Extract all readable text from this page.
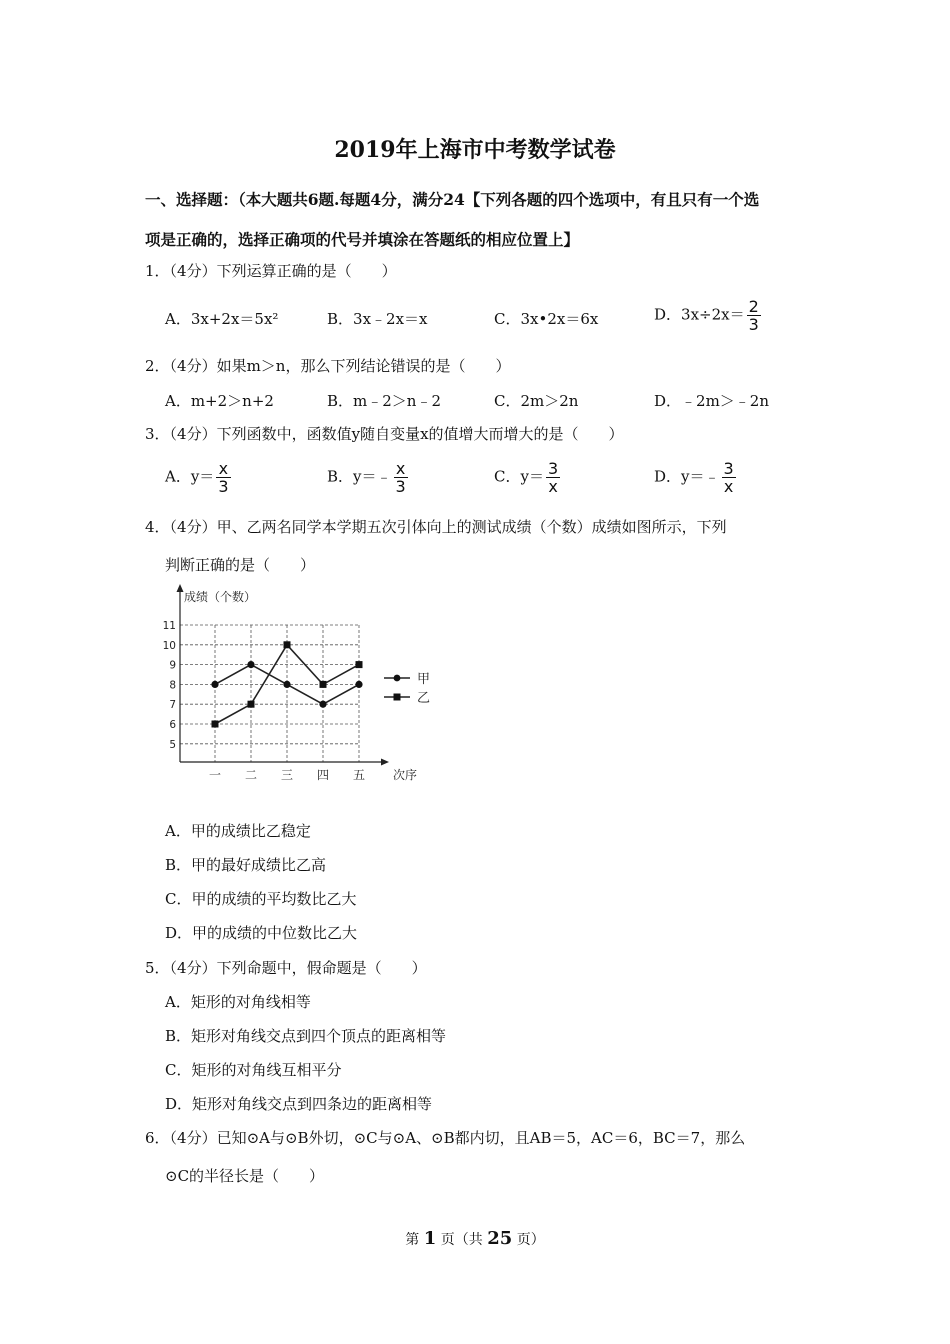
2019年上海市中考数学试卷
一、选择题：（本大题共6题.每题4分，满分24【下列各题的四个选项中，有且只有一个选
项是正确的，选择正确项的代号并填涂在答题纸的相应位置上】
1．（4分）下列运算正确的是（　　）
A．3x+2x＝5x²	B．3x﹣2x＝x	C．3x•2x＝6x	D．$3x\div 2x= \frac{2}{3}$
2．（4分）如果m＞n，那么下列结论错误的是（　　）
A．m+2＞n+2	B．m﹣2＞n﹣2	C．2m＞2n	D．﹣2m＞﹣2n
3．（4分）下列函数中，函数值y随自变量x的值增大而增大的是（　　）
A．$y= \frac{x}{3}$	B．y＝﹣ $\frac{x}{3}$	C．$y= \frac{3}{x}$	D．y＝﹣ $\frac{3}{x}$
4．（4分）甲、乙两名同学本学期五次引体向上的测试成绩（个数）成绩如图所示，下列
判断正确的是（　　）
成绩（个数）
5
6
7
8
9
10
11
一 二 三 四 五 次序
甲
乙
A．甲的成绩比乙稳定
B．甲的最好成绩比乙高
C．甲的成绩的平均数比乙大
D．甲的成绩的中位数比乙大
5．（4分）下列命题中，假命题是（　　）
A．矩形的对角线相等
B．矩形对角线交点到四个顶点的距离相等
C．矩形的对角线互相平分
D．矩形对角线交点到四条边的距离相等
6．（4分）已知⊙A与⊙B外切，⊙C与⊙A、⊙B都内切，且AB＝5，AC＝6，BC＝7，那么
⊙C的半径长是（　　）
第 1 页（共 25 页）
